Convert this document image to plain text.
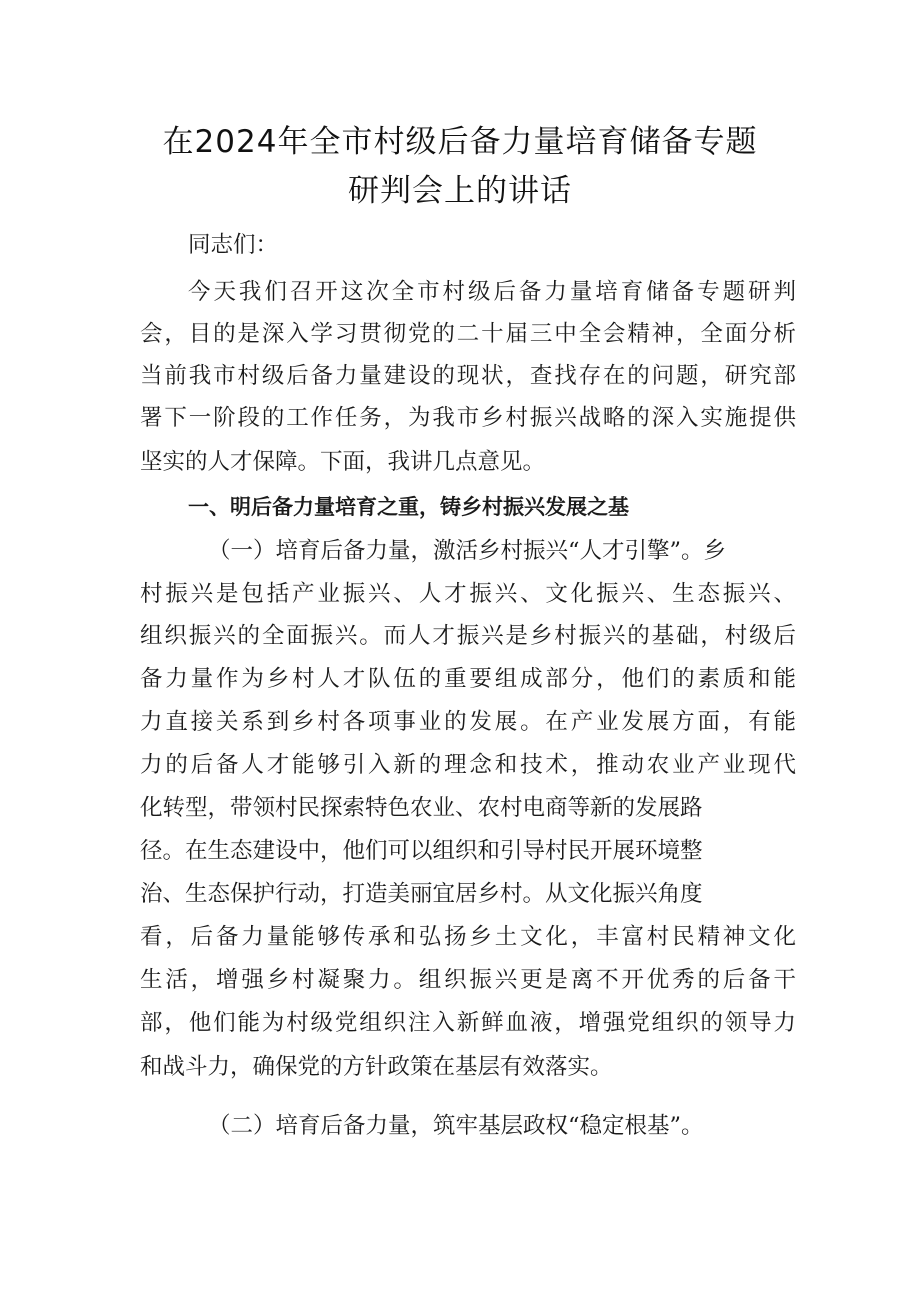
在2024年全市村级后备力量培育储备专题
研判会上的讲话
同志们：
今天我们召开这次全市村级后备力量培育储备专题研判
会，目的是深入学习贯彻党的二十届三中全会精神，全面分析
当前我市村级后备力量建设的现状，查找存在的问题，研究部
署下一阶段的工作任务，为我市乡村振兴战略的深入实施提供
坚实的人才保障。下面，我讲几点意见。
一、明后备力量培育之重，铸乡村振兴发展之基
（一）培育后备力量，激活乡村振兴“人才引擎”。乡
村振兴是包括产业振兴、人才振兴、文化振兴、生态振兴、
组织振兴的全面振兴。而人才振兴是乡村振兴的基础，村级后
备力量作为乡村人才队伍的重要组成部分，他们的素质和能
力直接关系到乡村各项事业的发展。在产业发展方面，有能
力的后备人才能够引入新的理念和技术，推动农业产业现代
化转型，带领村民探索特色农业、农村电商等新的发展路
径。在生态建设中，他们可以组织和引导村民开展环境整
治、生态保护行动，打造美丽宜居乡村。从文化振兴角度
看，后备力量能够传承和弘扬乡土文化，丰富村民精神文化
生活，增强乡村凝聚力。组织振兴更是离不开优秀的后备干
部，他们能为村级党组织注入新鲜血液，增强党组织的领导力
和战斗力，确保党的方针政策在基层有效落实。
（二）培育后备力量，筑牢基层政权“稳定根基”。
